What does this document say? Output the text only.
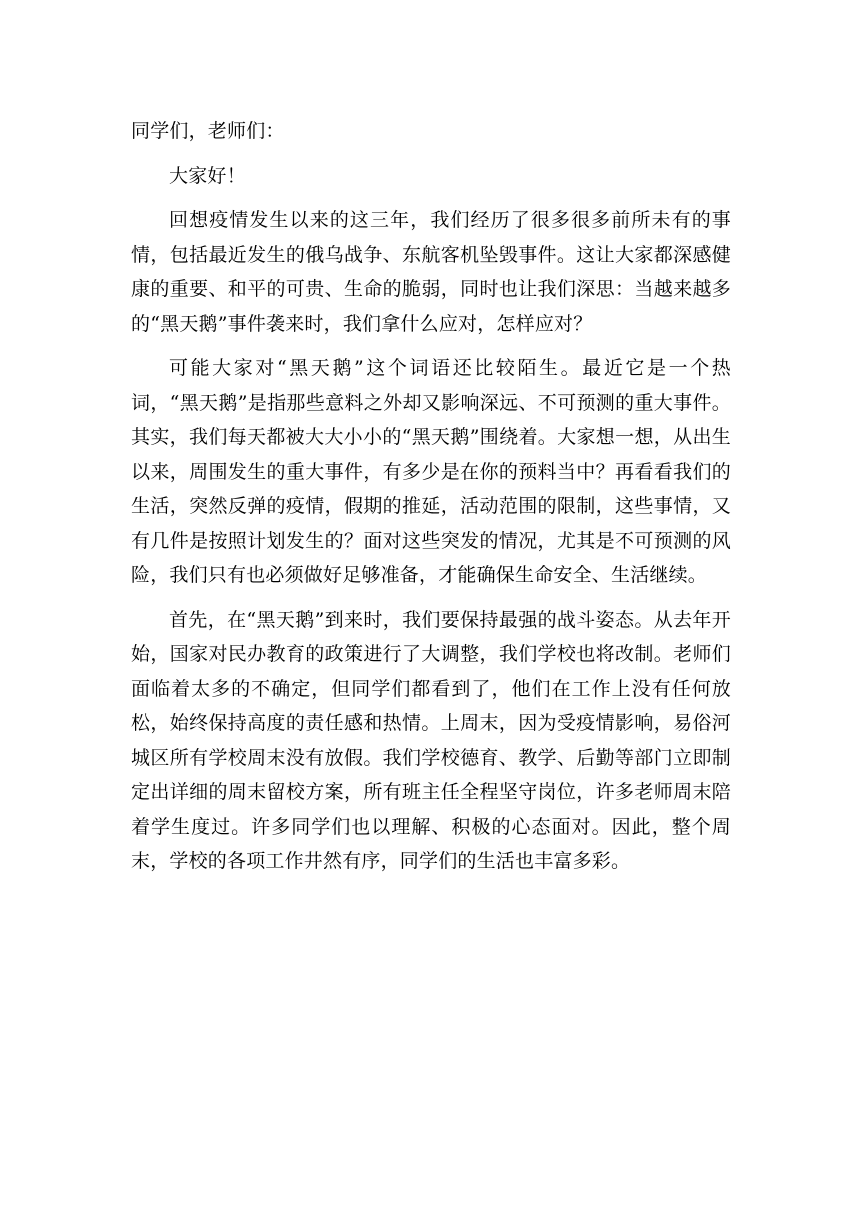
同学们，老师们：

大家好！

回想疫情发生以来的这三年，我们经历了很多很多前所未有的事情，包括最近发生的俄乌战争、东航客机坠毁事件。这让大家都深感健康的重要、和平的可贵、生命的脆弱，同时也让我们深思：当越来越多的“黑天鹅”事件袭来时，我们拿什么应对，怎样应对？

可能大家对“黑天鹅”这个词语还比较陌生。最近它是一个热词，“黑天鹅”是指那些意料之外却又影响深远、不可预测的重大事件。其实，我们每天都被大大小小的“黑天鹅”围绕着。大家想一想，从出生以来，周围发生的重大事件，有多少是在你的预料当中？再看看我们的生活，突然反弹的疫情，假期的推延，活动范围的限制，这些事情，又有几件是按照计划发生的？面对这些突发的情况，尤其是不可预测的风险，我们只有也必须做好足够准备，才能确保生命安全、生活继续。

首先，在“黑天鹅”到来时，我们要保持最强的战斗姿态。从去年开始，国家对民办教育的政策进行了大调整，我们学校也将改制。老师们面临着太多的不确定，但同学们都看到了，他们在工作上没有任何放松，始终保持高度的责任感和热情。上周末，因为受疫情影响，易俗河城区所有学校周末没有放假。我们学校德育、教学、后勤等部门立即制定出详细的周末留校方案，所有班主任全程坚守岗位，许多老师周末陪着学生度过。许多同学们也以理解、积极的心态面对。因此，整个周末，学校的各项工作井然有序，同学们的生活也丰富多彩。
